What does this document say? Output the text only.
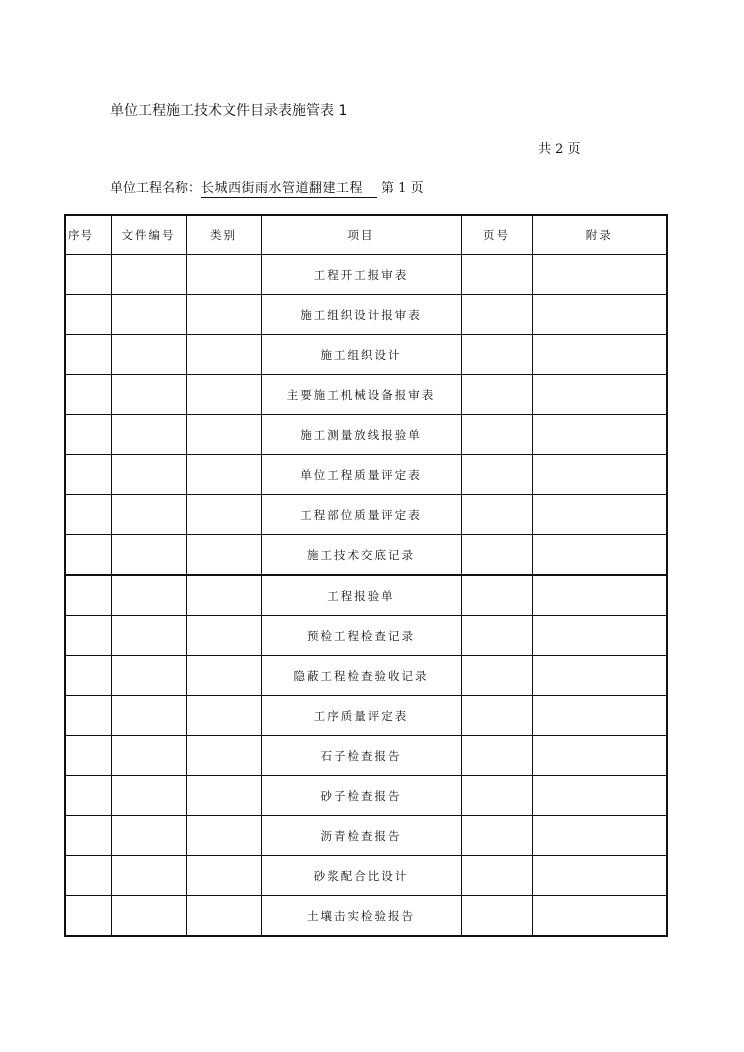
单位工程施工技术文件目录表施管表 1
共 2 页
单位工程名称：长城西街雨水管道翻建工程 第 1 页
序号	文件编号	类别	项目	页号	附录
			工程开工报审表		
			施工组织设计报审表		
			施工组织设计		
			主要施工机械设备报审表		
			施工测量放线报验单		
			单位工程质量评定表		
			工程部位质量评定表		
			施工技术交底记录		
			工程报验单		
			预检工程检查记录		
			隐蔽工程检查验收记录		
			工序质量评定表		
			石子检查报告		
			砂子检查报告		
			沥青检查报告		
			砂浆配合比设计		
			土壤击实检验报告		
